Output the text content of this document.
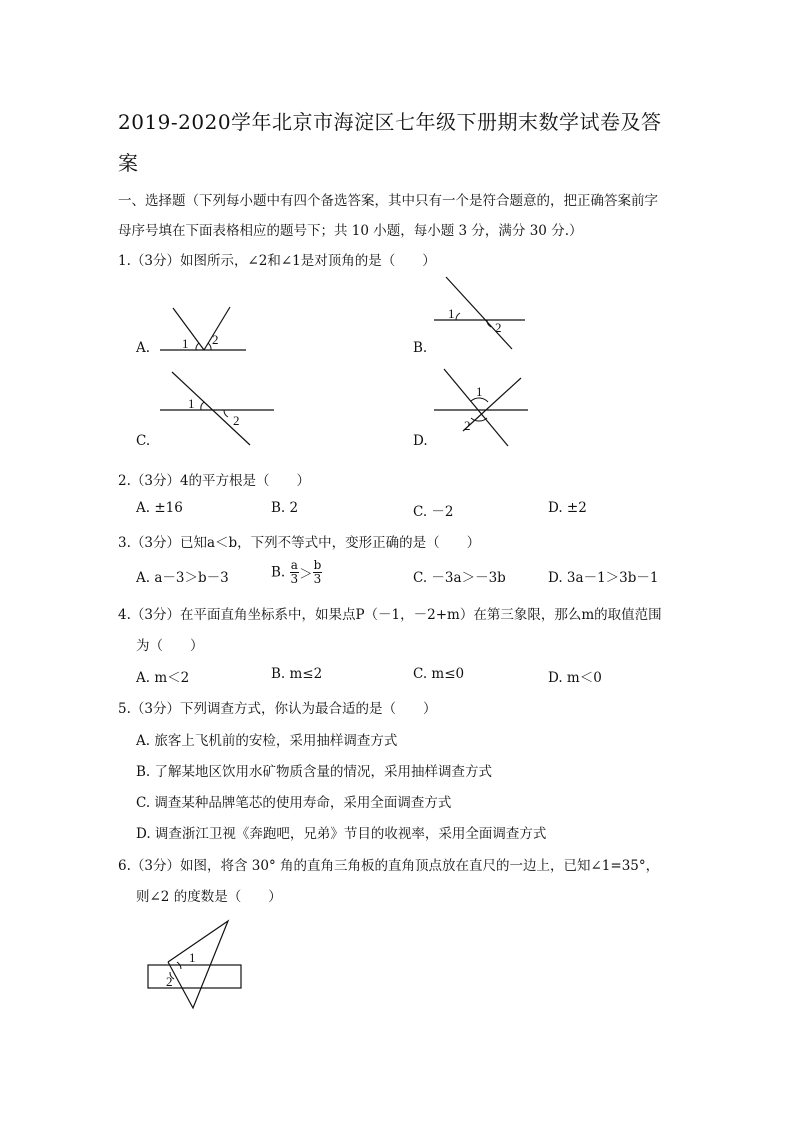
2019-2020学年北京市海淀区七年级下册期末数学试卷及答
案
一、选择题（下列每小题中有四个备选答案，其中只有一个是符合题意的，把正确答案前字
母序号填在下面表格相应的题号下；共 10 小题，每小题 3 分，满分 30 分.）
1.（3分）如图所示，∠2和∠1是对顶角的是（　　）
A. 1 2
B.
1
2
C.
1
2
D.
1
2
2.（3分）4的平方根是（　　）
A. ±16	B. 2	C. －2	D. ±2
3.（3分）已知a＜b，下列不等式中，变形正确的是（　　）
A. a－3＞b－3	B. $\frac{a}{3} > \frac{b}{3}$	C. －3a＞－3b	D. 3a－1＞3b－1
4.（3分）在平面直角坐标系中，如果点P（－1，－2+m）在第三象限，那么m的取值范围
为（　　）
A. m＜2	B. m≤2	C. m≤0	D. m＜0
5.（3分）下列调查方式，你认为最合适的是（　　）
A. 旅客上飞机前的安检，采用抽样调查方式
B. 了解某地区饮用水矿物质含量的情况，采用抽样调查方式
C. 调查某种品牌笔芯的使用寿命，采用全面调查方式
D. 调查浙江卫视《奔跑吧，兄弟》节目的收视率，采用全面调查方式
6.（3分）如图，将含 30° 角的直角三角板的直角顶点放在直尺的一边上，已知∠1=35°，
则∠2 的度数是（　　）
1
2
